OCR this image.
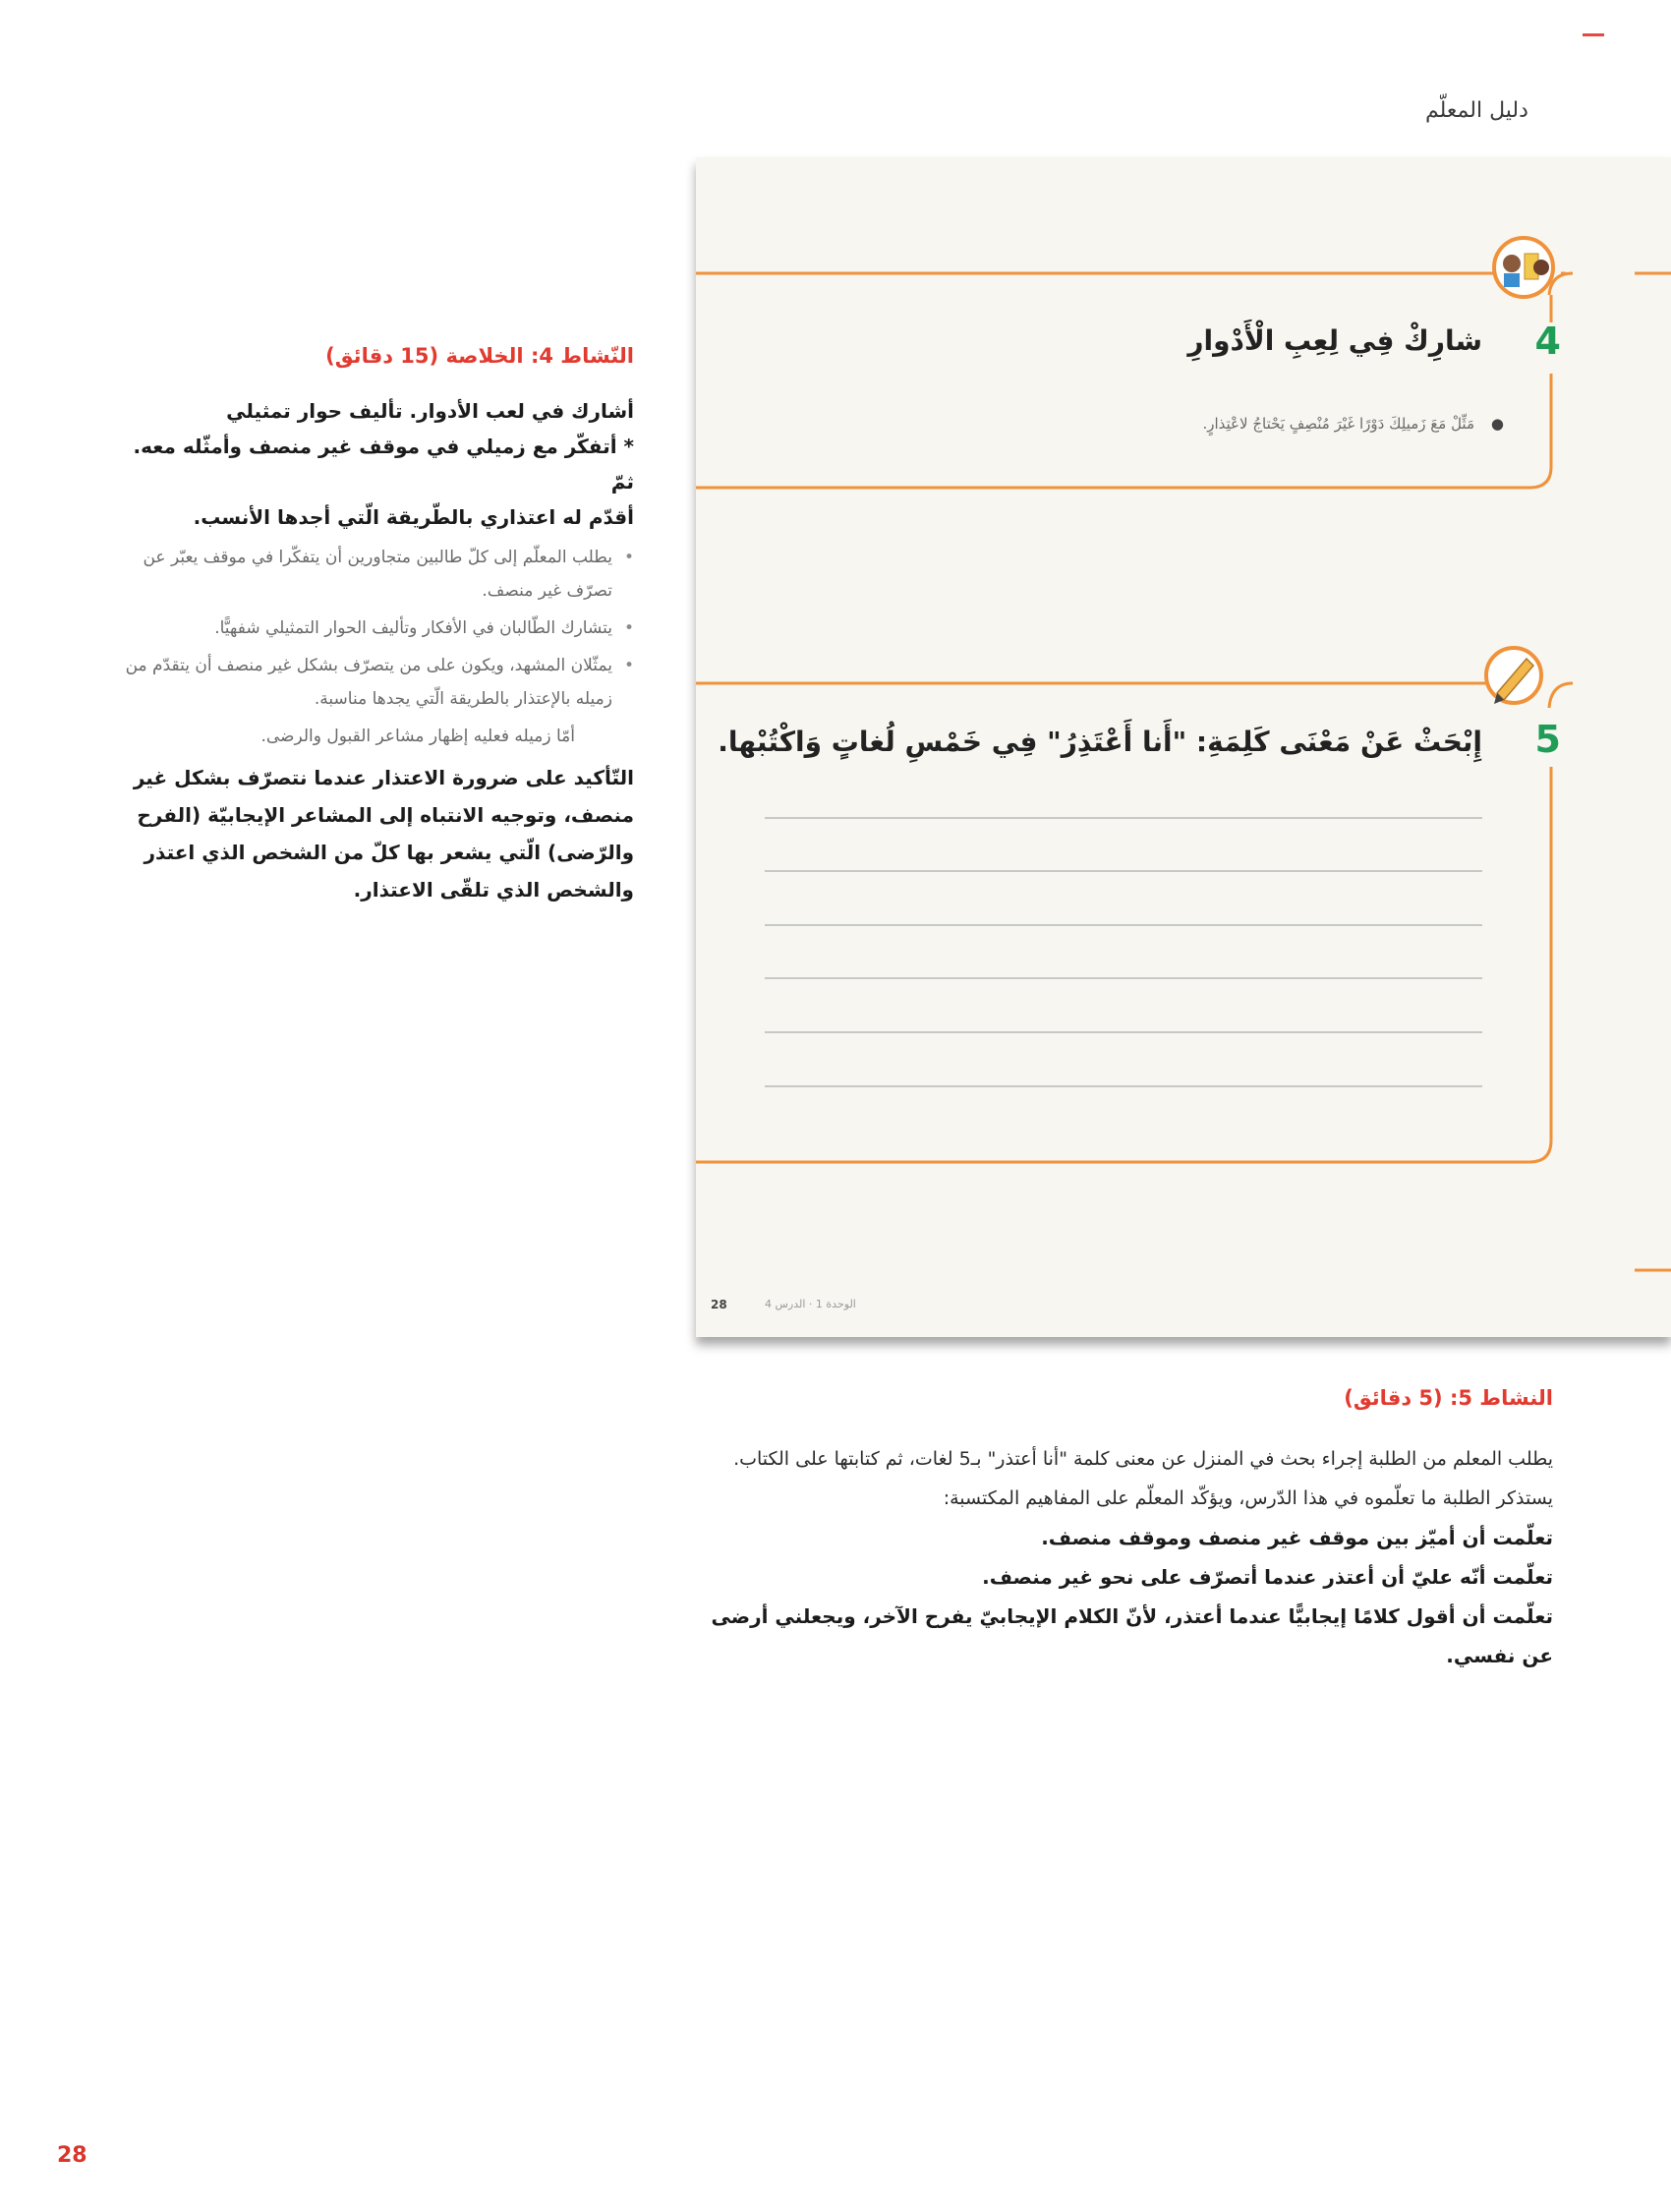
دليل المعلّم

النّشاط 4: الخلاصة (15 دقائق)

أشارك في لعب الأدوار. تأليف حوار تمثيلي

* أتفكّر مع زميلي في موقف غير منصف وأمثّله معه. ثمّ

أقدّم له اعتذاري بالطّريقة الّتي أجدها الأنسب.

• يطلب المعلّم إلى كلّ طالبين متجاورين أن يتفكّرا في موقف يعبّر عن تصرّف غير منصف.
• يتشارك الطّالبان في الأفكار وتأليف الحوار التمثيلي شفهيًّا.
• يمثّلان المشهد، ويكون على من يتصرّف بشكل غير منصف أن يتقدّم من زميله بالإعتذار بالطريقة الّتي يجدها مناسبة.

أمّا زميله فعليه إظهار مشاعر القبول والرضى.

التّأكيد على ضرورة الاعتذار عندما نتصرّف بشكل غير منصف، وتوجيه الانتباه إلى المشاعر الإيجابيّة (الفرح والرّضى) الّتي يشعر بها كلّ من الشخص الذي اعتذر والشخص الذي تلقّى الاعتذار.

4
شارِكْ فِي لِعِبِ الْأَدْوارِ
●
مَثِّلْ مَعَ زَميلِكَ دَوْرًا غَيْرَ مُنْصِفٍ يَحْتاجُ لاعْتِذارٍ.
5
إِبْحَثْ عَنْ مَعْنَى كَلِمَةِ: "أَنا أَعْتَذِرُ" فِي خَمْسِ لُغاتٍ وَاكْتُبْها.
28	الوحدة 1 · الدرس 4

النشاط 5: (5 دقائق)

يطلب المعلم من الطلبة إجراء بحث في المنزل عن معنى كلمة "أنا أعتذر" بـ5 لغات، ثم كتابتها على الكتاب.

يستذكر الطلبة ما تعلّموه في هذا الدّرس، ويؤكّد المعلّم على المفاهيم المكتسبة:

تعلّمت أن أميّز بين موقف غير منصف وموقف منصف.

تعلّمت أنّه عليّ أن أعتذر عندما أتصرّف على نحو غير منصف.

تعلّمت أن أقول كلامًا إيجابيًّا عندما أعتذر، لأنّ الكلام الإيجابيّ يفرح الآخر، ويجعلني أرضى عن نفسي.

28
